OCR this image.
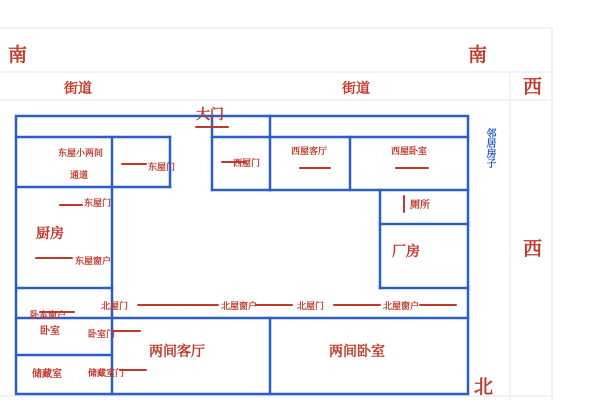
南	南
西
西
北
街道	街道
邻居房子
大门
东屋小两间
东屋门
通道
东屋门
厨房
东屋窗户
西屋门
西屋客厅	西屋卧室
厕所
厂房
卧室窗户
卧室	卧室门
储藏室	储藏室门
北屋门	北屋窗户	北屋门	北屋窗户
两间客厅	两间卧室
